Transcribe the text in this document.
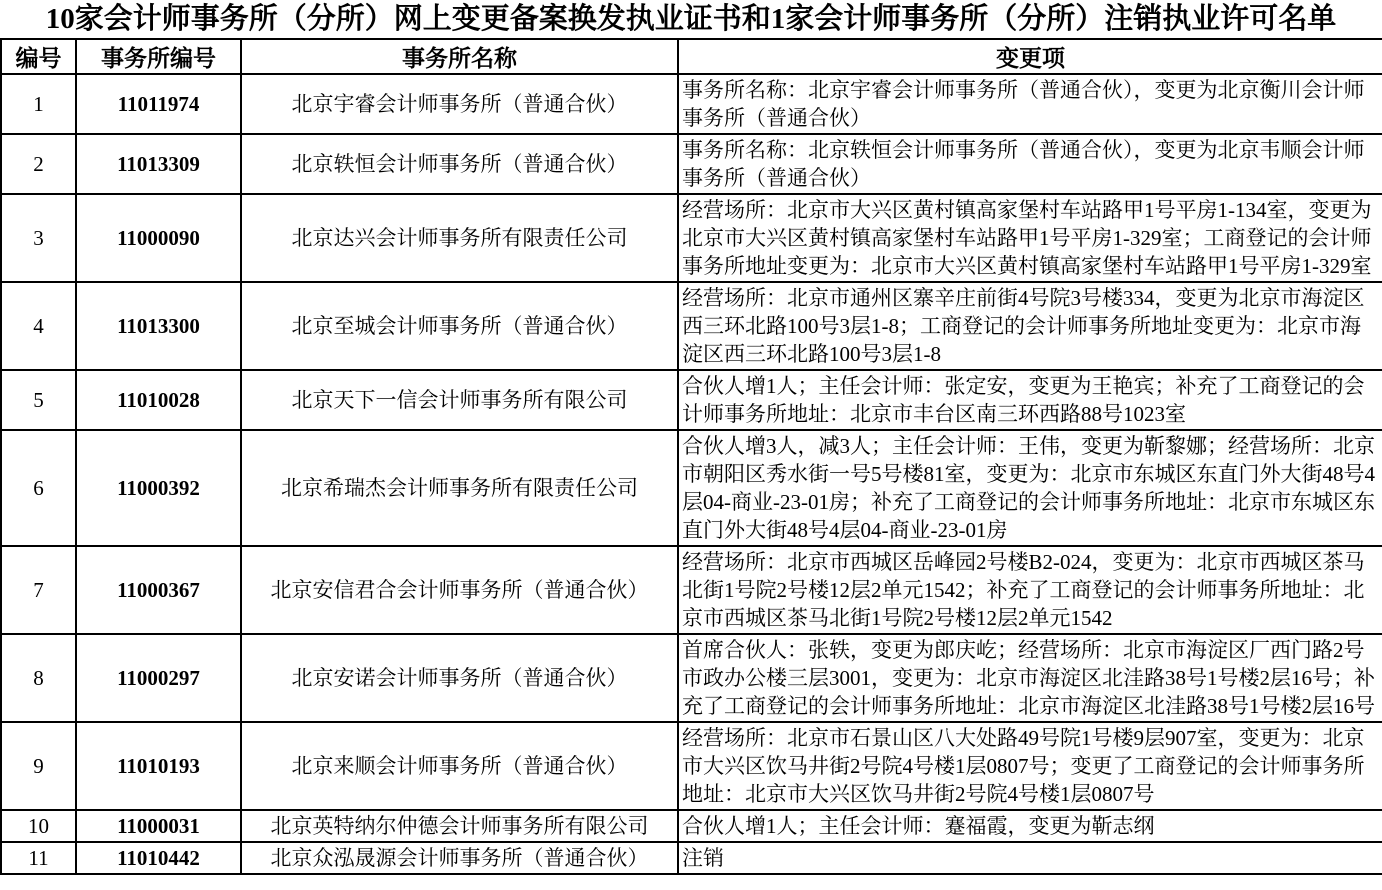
10家会计师事务所（分所）网上变更备案换发执业证书和1家会计师事务所（分所）注销执业许可名单
编号	事务所编号	事务所名称	变更项
1	11011974	北京宇睿会计师事务所（普通合伙）	事务所名称：北京宇睿会计师事务所（普通合伙），变更为北京衡川会计师事务所（普通合伙）
2	11013309	北京轶恒会计师事务所（普通合伙）	事务所名称：北京轶恒会计师事务所（普通合伙），变更为北京韦顺会计师事务所（普通合伙）
3	11000090	北京达兴会计师事务所有限责任公司	经营场所：北京市大兴区黄村镇高家堡村车站路甲1号平房1-134室，变更为北京市大兴区黄村镇高家堡村车站路甲1号平房1-329室；工商登记的会计师事务所地址变更为：北京市大兴区黄村镇高家堡村车站路甲1号平房1-329室
4	11013300	北京至城会计师事务所（普通合伙）	经营场所：北京市通州区寨辛庄前街4号院3号楼334，变更为北京市海淀区西三环北路100号3层1-8；工商登记的会计师事务所地址变更为：北京市海淀区西三环北路100号3层1-8
5	11010028	北京天下一信会计师事务所有限公司	合伙人增1人；主任会计师：张定安，变更为王艳宾；补充了工商登记的会计师事务所地址：北京市丰台区南三环西路88号1023室
6	11000392	北京希瑞杰会计师事务所有限责任公司	合伙人增3人，减3人；主任会计师：王伟，变更为靳黎娜；经营场所：北京市朝阳区秀水街一号5号楼81室，变更为：北京市东城区东直门外大街48号4层04-商业-23-01房；补充了工商登记的会计师事务所地址：北京市东城区东直门外大街48号4层04-商业-23-01房
7	11000367	北京安信君合会计师事务所（普通合伙）	经营场所：北京市西城区岳峰园2号楼B2-024，变更为：北京市西城区茶马北街1号院2号楼12层2单元1542；补充了工商登记的会计师事务所地址：北京市西城区茶马北街1号院2号楼12层2单元1542
8	11000297	北京安诺会计师事务所（普通合伙）	首席合伙人：张轶，变更为郎庆屹；经营场所：北京市海淀区厂西门路2号市政办公楼三层3001，变更为：北京市海淀区北洼路38号1号楼2层16号；补充了工商登记的会计师事务所地址：北京市海淀区北洼路38号1号楼2层16号
9	11010193	北京来顺会计师事务所（普通合伙）	经营场所：北京市石景山区八大处路49号院1号楼9层907室，变更为：北京市大兴区饮马井街2号院4号楼1层0807号；变更了工商登记的会计师事务所地址：北京市大兴区饮马井街2号院4号楼1层0807号
10	11000031	北京英特纳尔仲德会计师事务所有限公司	合伙人增1人；主任会计师：蹇福霞，变更为靳志纲
11	11010442	北京众泓晟源会计师事务所（普通合伙）	注销
